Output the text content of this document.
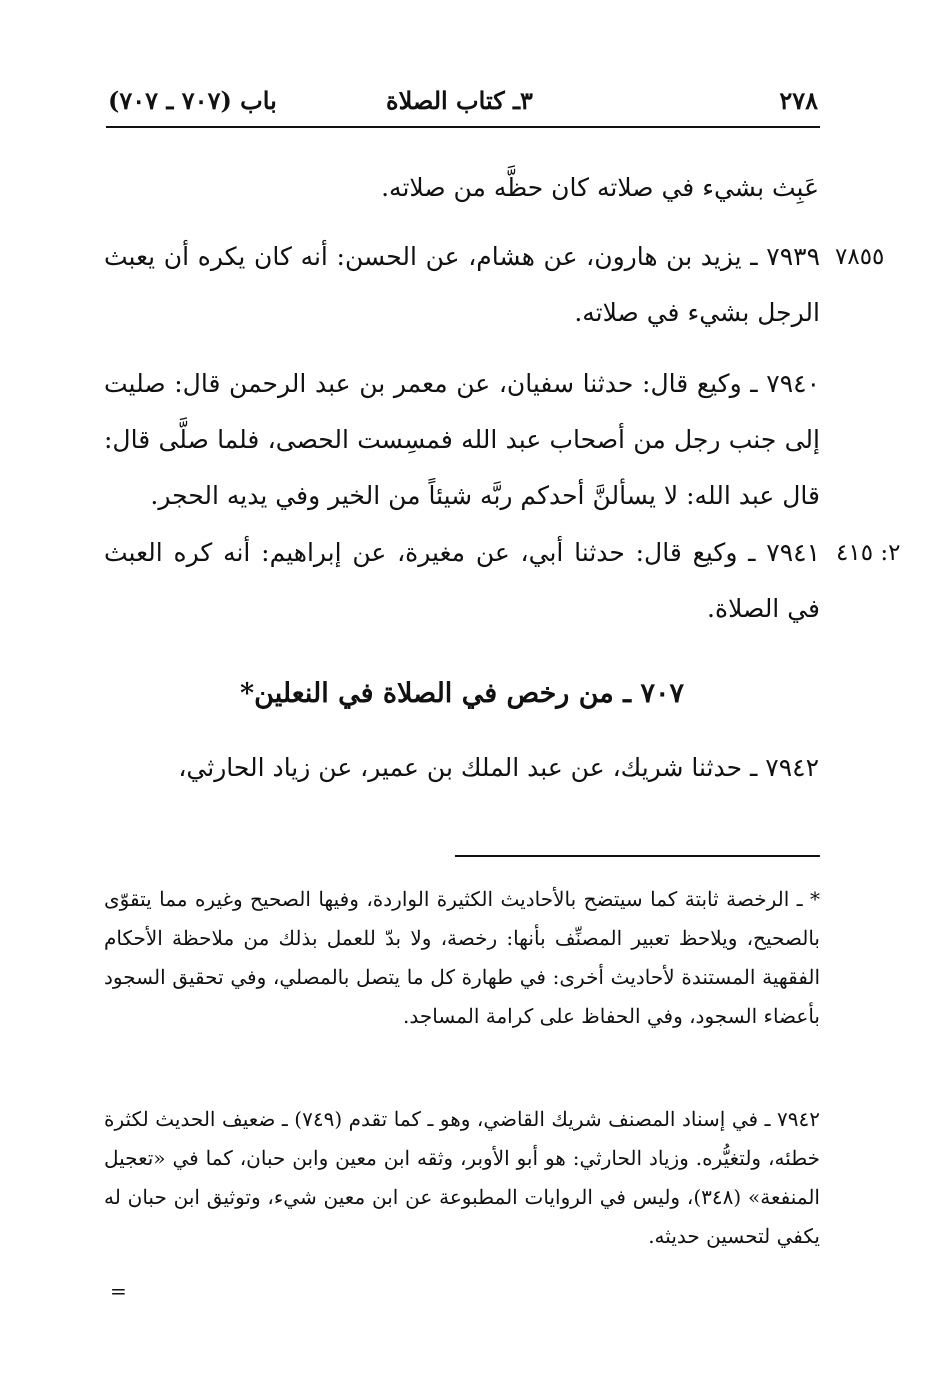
٢٧٨
٣ـ كتاب الصلاة
باب (٧٠٧ ـ ٧٠٧)
عَبِث بشيء في صلاته كان حظَّه من صلاته.
٧٨٥٥
٧٩٣٩ ـ يزيد بن هارون، عن هشام، عن الحسن: أنه كان يكره أن يعبث الرجل بشيء في صلاته.
٧٩٤٠ ـ وكيع قال: حدثنا سفيان، عن معمر بن عبد الرحمن قال: صليت إلى جنب رجل من أصحاب عبد الله فمسِست الحصى، فلما صلَّى قال: قال عبد الله: لا يسألنَّ أحدكم ربَّه شيئاً من الخير وفي يديه الحجر.
٢: ٤١٥
٧٩٤١ ـ وكيع قال: حدثنا أبي، عن مغيرة، عن إبراهيم: أنه كره العبث في الصلاة.
٧٠٧ ـ من رخص في الصلاة في النعلين*
٧٩٤٢ ـ حدثنا شريك، عن عبد الملك بن عمير، عن زياد الحارثي،
* ـ الرخصة ثابتة كما سيتضح بالأحاديث الكثيرة الواردة، وفيها الصحيح وغيره مما يتقوّى بالصحيح، ويلاحظ تعبير المصنِّف بأنها: رخصة، ولا بدّ للعمل بذلك من ملاحظة الأحكام الفقهية المستندة لأحاديث أخرى: في طهارة كل ما يتصل بالمصلي، وفي تحقيق السجود بأعضاء السجود، وفي الحفاظ على كرامة المساجد.
٧٩٤٢ ـ في إسناد المصنف شريك القاضي، وهو ـ كما تقدم (٧٤٩) ـ ضعيف الحديث لكثرة خطئه، ولتغيُّره. وزياد الحارثي: هو أبو الأوبر، وثقه ابن معين وابن حبان، كما في «تعجيل المنفعة» (٣٤٨)، وليس في الروايات المطبوعة عن ابن معين شيء، وتوثيق ابن حبان له يكفي لتحسين حديثه.
=
